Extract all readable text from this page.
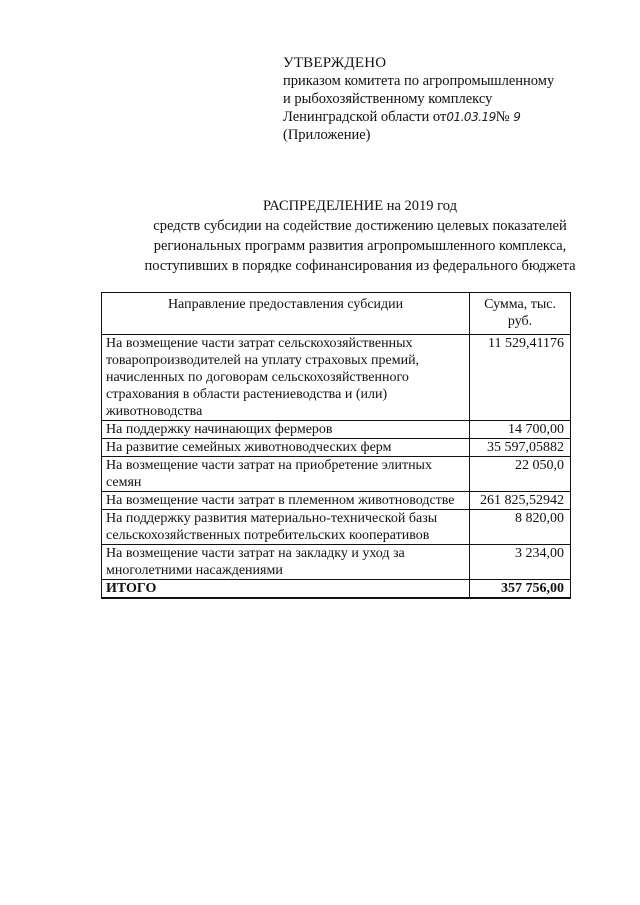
УТВЕРЖДЕНО
приказом комитета по агропромышленному
и рыбохозяйственному комплексу
Ленинградской области от01.03.19№ 9
(Приложение)
РАСПРЕДЕЛЕНИЕ на 2019 год
средств субсидии на содействие достижению целевых показателей
региональных программ развития агропромышленного комплекса,
поступивших в порядке софинансирования из федерального бюджета
Направление предоставления субсидии	Сумма, тыс. руб.
На возмещение части затрат сельскохозяйственных товаропроизводителей на уплату страховых премий, начисленных по договорам сельскохозяйственного страхования в области растениеводства и (или) животноводства	11 529,41176
На поддержку начинающих фермеров	14 700,00
На развитие семейных животноводческих ферм	35 597,05882
На возмещение части затрат на приобретение элитных семян	22 050,0
На возмещение части затрат в племенном животноводстве	261 825,52942
На поддержку развития материально-технической базы сельскохозяйственных потребительских кооперативов	8 820,00
На возмещение части затрат на закладку и уход за многолетними насаждениями	3 234,00
ИТОГО	357 756,00
